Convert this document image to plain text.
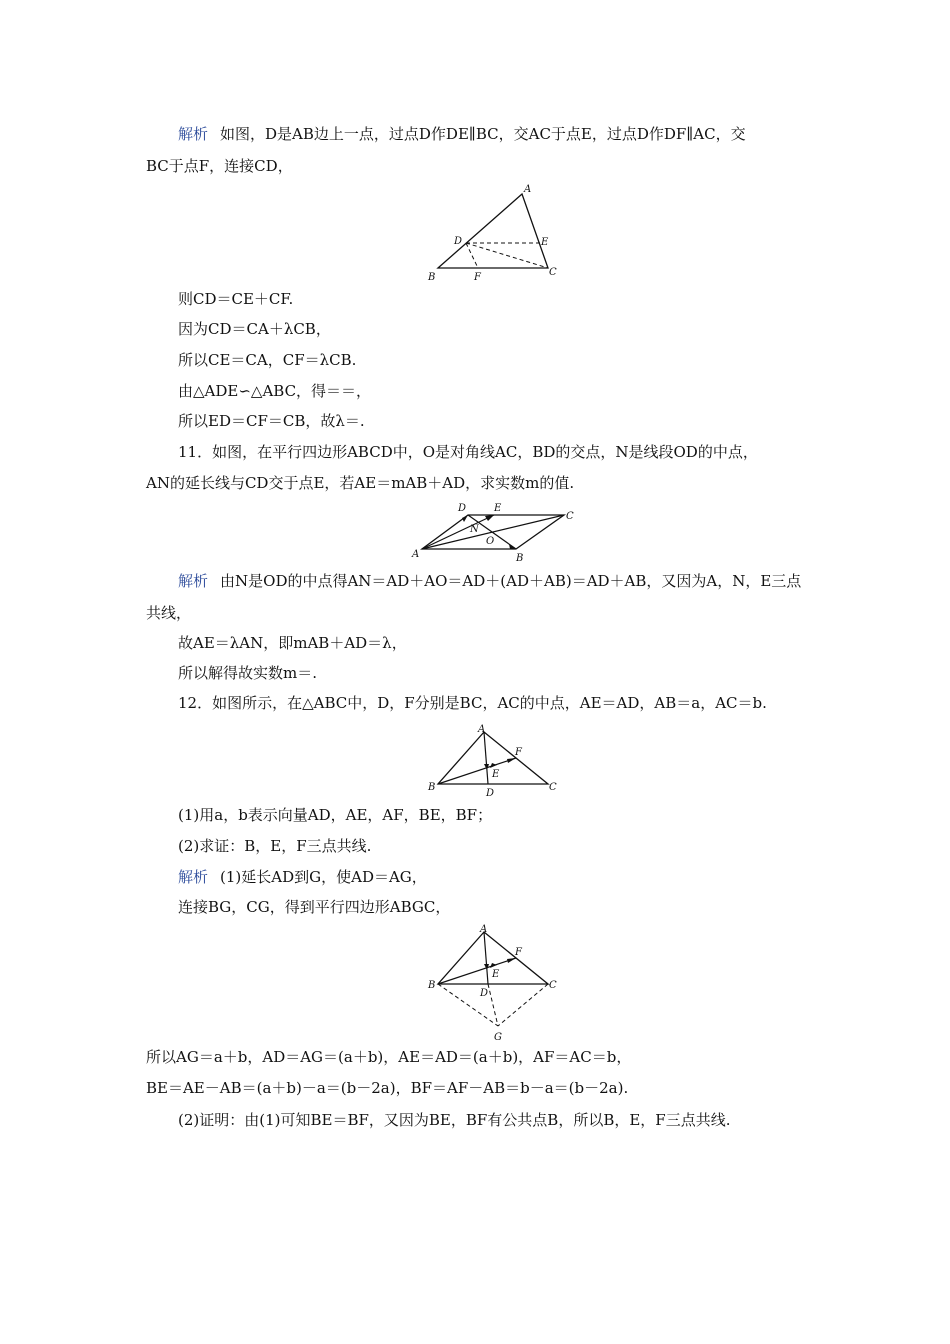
解析 如图，D是AB边上一点，过点D作DE∥BC，交AC于点E，过点D作DF∥AC，交
BC于点F，连接CD，
A
D	E
B	F	C
则CD＝CE＋CF.
因为CD＝CA＋λCB，
所以CE＝CA，CF＝λCB.
由△ADE∽△ABC，得＝＝，
所以ED＝CF＝CB，故λ＝.
11．如图，在平行四边形ABCD中，O是对角线AC，BD的交点，N是线段OD的中点，
AN的延长线与CD交于点E，若AE＝mAB＋AD，求实数m的值.
D	E
C
N
O
A	B
解析 由N是OD的中点得AN＝AD＋AO＝AD＋(AD＋AB)＝AD＋AB，又因为A，N，E三点
共线，
故AE＝λAN，即mAB＋AD＝λ，
所以解得故实数m＝.
12．如图所示，在△ABC中，D，F分别是BC，AC的中点，AE＝AD，AB＝a，AC＝b.
A
F
E
B
D
C
(1)用a，b表示向量AD，AE，AF，BE，BF；
(2)求证：B，E，F三点共线.
解析 (1)延长AD到G，使AD＝AG，
连接BG，CG，得到平行四边形ABGC，
A
F
E
B
D
C
G
所以AG＝a＋b，AD＝AG＝(a＋b)，AE＝AD＝(a＋b)，AF＝AC＝b，
BE＝AE－AB＝(a＋b)－a＝(b－2a)，BF＝AF－AB＝b－a＝(b－2a).
(2)证明：由(1)可知BE＝BF，又因为BE，BF有公共点B，所以B，E，F三点共线.
